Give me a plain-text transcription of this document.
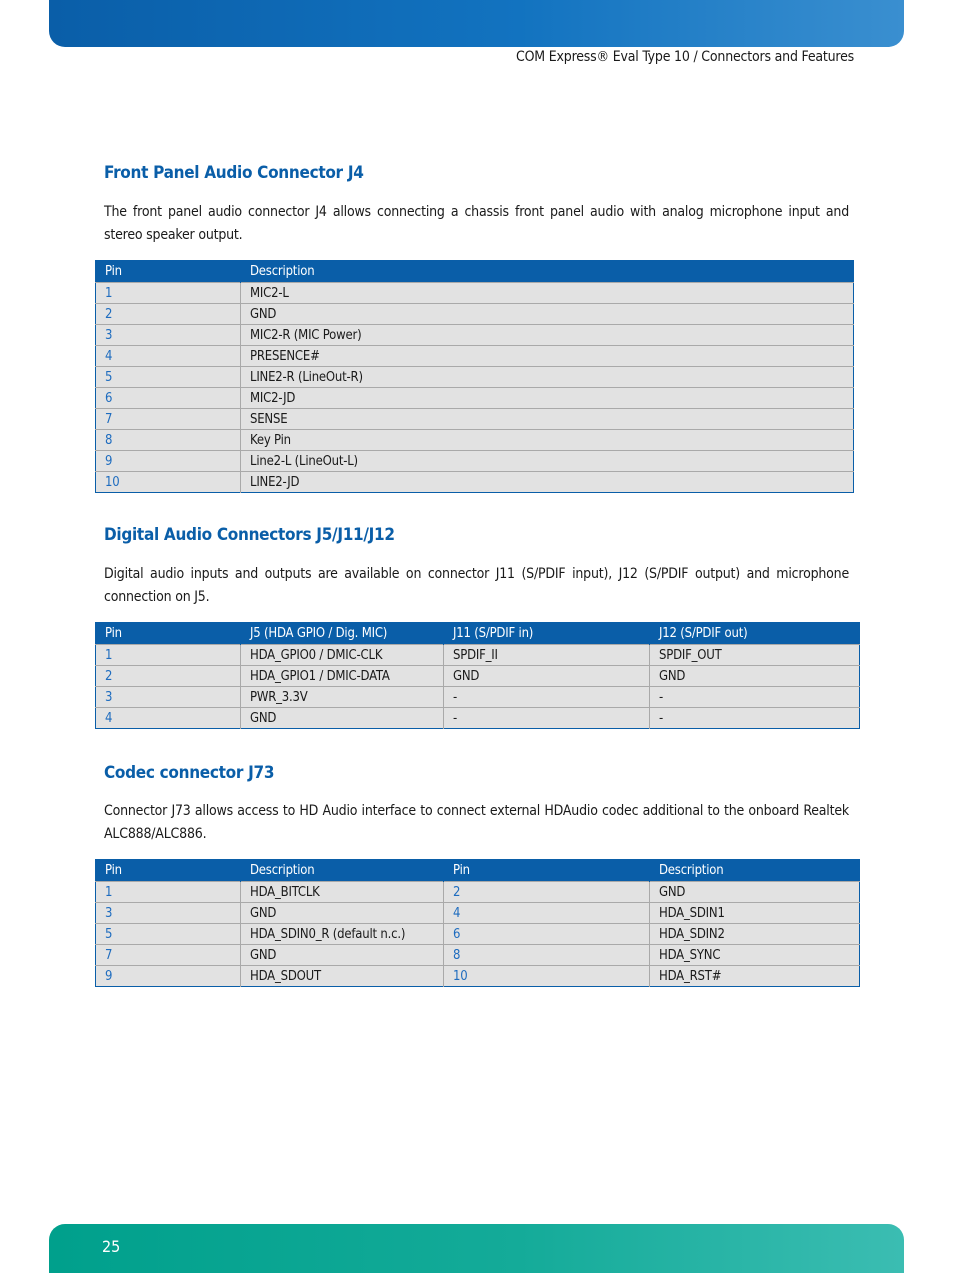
COM Express® Eval Type 10 / Connectors and Features
Front Panel Audio Connector J4
The front panel audio connector J4 allows connecting a chassis front panel audio with analog microphone input and stereo speaker output.
Pin	Description
1	MIC2-L
2	GND
3	MIC2-R (MIC Power)
4	PRESENCE#
5	LINE2-R (LineOut-R)
6	MIC2-JD
7	SENSE
8	Key Pin
9	Line2-L (LineOut-L)
10	LINE2-JD
Digital Audio Connectors J5/J11/J12
Digital audio inputs and outputs are available on connector J11 (S/PDIF input), J12 (S/PDIF output) and microphone connection on J5.
Pin	J5 (HDA GPIO / Dig. MIC)	J11 (S/PDIF in)	J12 (S/PDIF out)
1	HDA_GPIO0 / DMIC-CLK	SPDIF_II	SPDIF_OUT
2	HDA_GPIO1 / DMIC-DATA	GND	GND
3	PWR_3.3V	-	-
4	GND	-	-
Codec connector J73
Connector J73 allows access to HD Audio interface to connect external HDAudio codec additional to the onboard Realtek ALC888/ALC886.
Pin	Description	Pin	Description
1	HDA_BITCLK	2	GND
3	GND	4	HDA_SDIN1
5	HDA_SDIN0_R (default n.c.)	6	HDA_SDIN2
7	GND	8	HDA_SYNC
9	HDA_SDOUT	10	HDA_RST#
25
